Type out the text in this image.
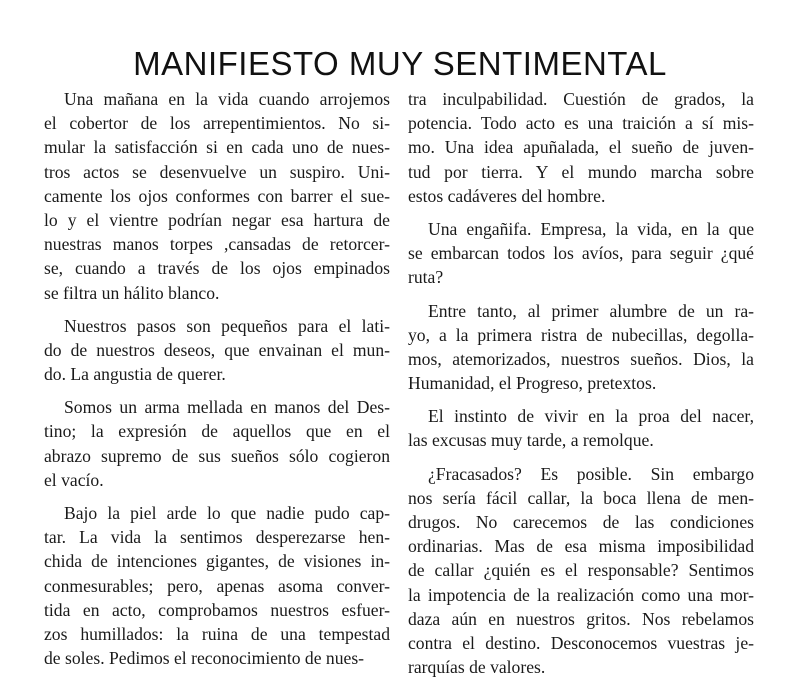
MANIFIESTO MUY SENTIMENTAL
Una mañana en la vida cuando arrojemos
el cobertor de los arrepentimientos. No si-
mular la satisfacción si en cada uno de nues-
tros actos se desenvuelve un suspiro. Uni-
camente los ojos conformes con barrer el sue-
lo y el vientre podrían negar esa hartura de
nuestras manos torpes ,cansadas de retorcer-
se, cuando a través de los ojos empinados
se filtra un hálito blanco.
Nuestros pasos son pequeños para el lati-
do de nuestros deseos, que envainan el mun-
do. La angustia de querer.
Somos un arma mellada en manos del Des-
tino; la expresión de aquellos que en el
abrazo supremo de sus sueños sólo cogieron
el vacío.
Bajo la piel arde lo que nadie pudo cap-
tar. La vida la sentimos desperezarse hen-
chida de intenciones gigantes, de visiones in-
conmesurables; pero, apenas asoma conver-
tida en acto, comprobamos nuestros esfuer-
zos humillados: la ruina de una tempestad
de soles. Pedimos el reconocimiento de nues-
tra inculpabilidad. Cuestión de grados, la
potencia. Todo acto es una traición a sí mis-
mo. Una idea apuñalada, el sueño de juven-
tud por tierra. Y el mundo marcha sobre
estos cadáveres del hombre.
Una engañifa. Empresa, la vida, en la que
se embarcan todos los avíos, para seguir ¿qué
ruta?
Entre tanto, al primer alumbre de un ra-
yo, a la primera ristra de nubecillas, degolla-
mos, atemorizados, nuestros sueños. Dios, la
Humanidad, el Progreso, pretextos.
El instinto de vivir en la proa del nacer,
las excusas muy tarde, a remolque.
¿Fracasados? Es posible. Sin embargo
nos sería fácil callar, la boca llena de men-
drugos. No carecemos de las condiciones
ordinarias. Mas de esa misma imposibilidad
de callar ¿quién es el responsable? Sentimos
la impotencia de la realización como una mor-
daza aún en nuestros gritos. Nos rebelamos
contra el destino. Desconocemos vuestras je-
rarquías de valores.
